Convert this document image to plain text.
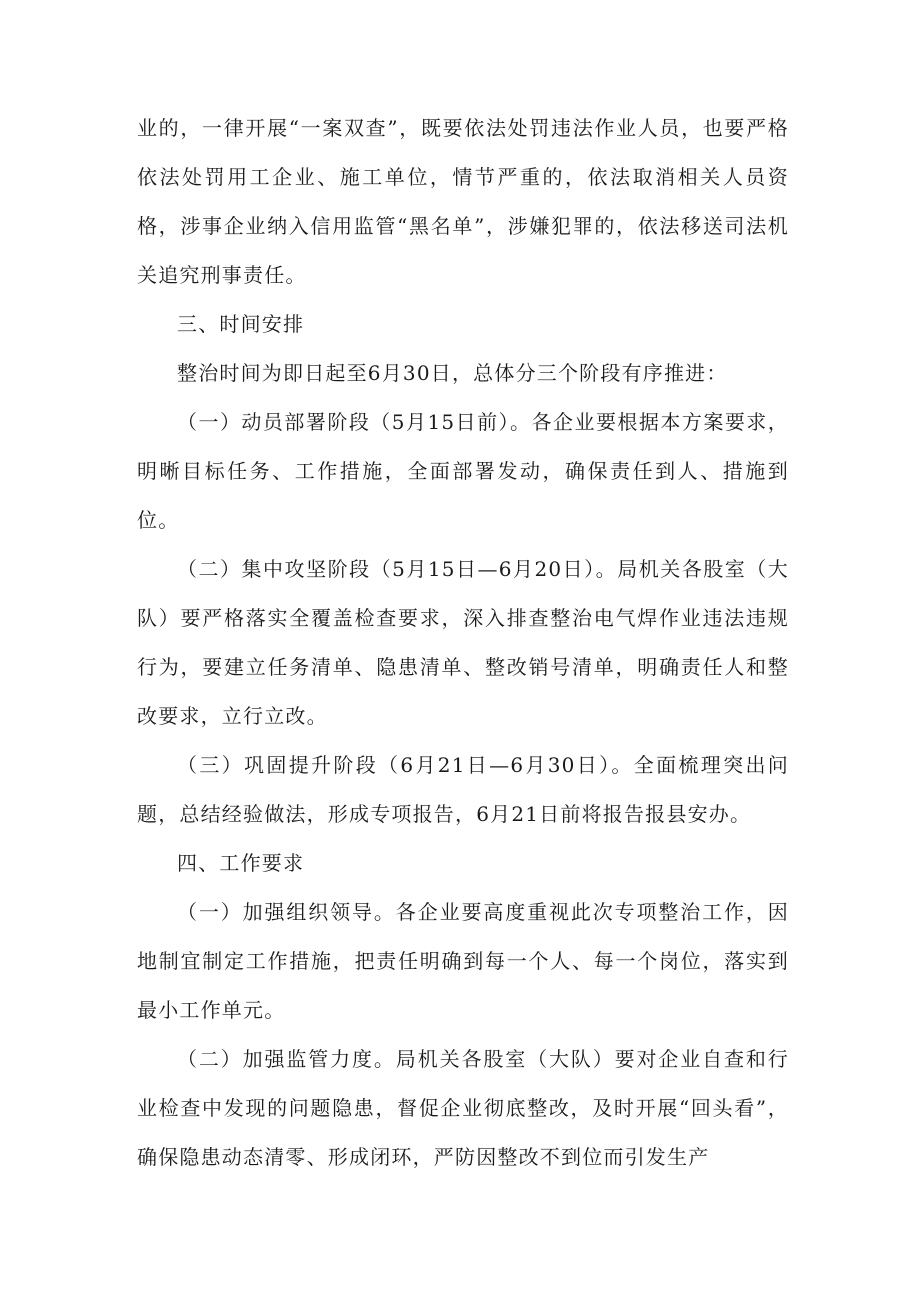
业的，一律开展“一案双查”，既要依法处罚违法作业人员，也要严格依法处罚用工企业、施工单位，情节严重的，依法取消相关人员资格，涉事企业纳入信用监管“黑名单”，涉嫌犯罪的，依法移送司法机关追究刑事责任。

三、时间安排

整治时间为即日起至6月30日，总体分三个阶段有序推进：

（一）动员部署阶段（5月15日前）。各企业要根据本方案要求，明晰目标任务、工作措施，全面部署发动，确保责任到人、措施到位。

（二）集中攻坚阶段（5月15日—6月20日）。局机关各股室（大队）要严格落实全覆盖检查要求，深入排查整治电气焊作业违法违规行为，要建立任务清单、隐患清单、整改销号清单，明确责任人和整改要求，立行立改。

（三）巩固提升阶段（6月21日—6月30日）。全面梳理突出问题，总结经验做法，形成专项报告，6月21日前将报告报县安办。

四、工作要求

（一）加强组织领导。各企业要高度重视此次专项整治工作，因地制宜制定工作措施，把责任明确到每一个人、每一个岗位，落实到最小工作单元。

（二）加强监管力度。局机关各股室（大队）要对企业自查和行业检查中发现的问题隐患，督促企业彻底整改，及时开展“回头看”，确保隐患动态清零、形成闭环，严防因整改不到位而引发生产
